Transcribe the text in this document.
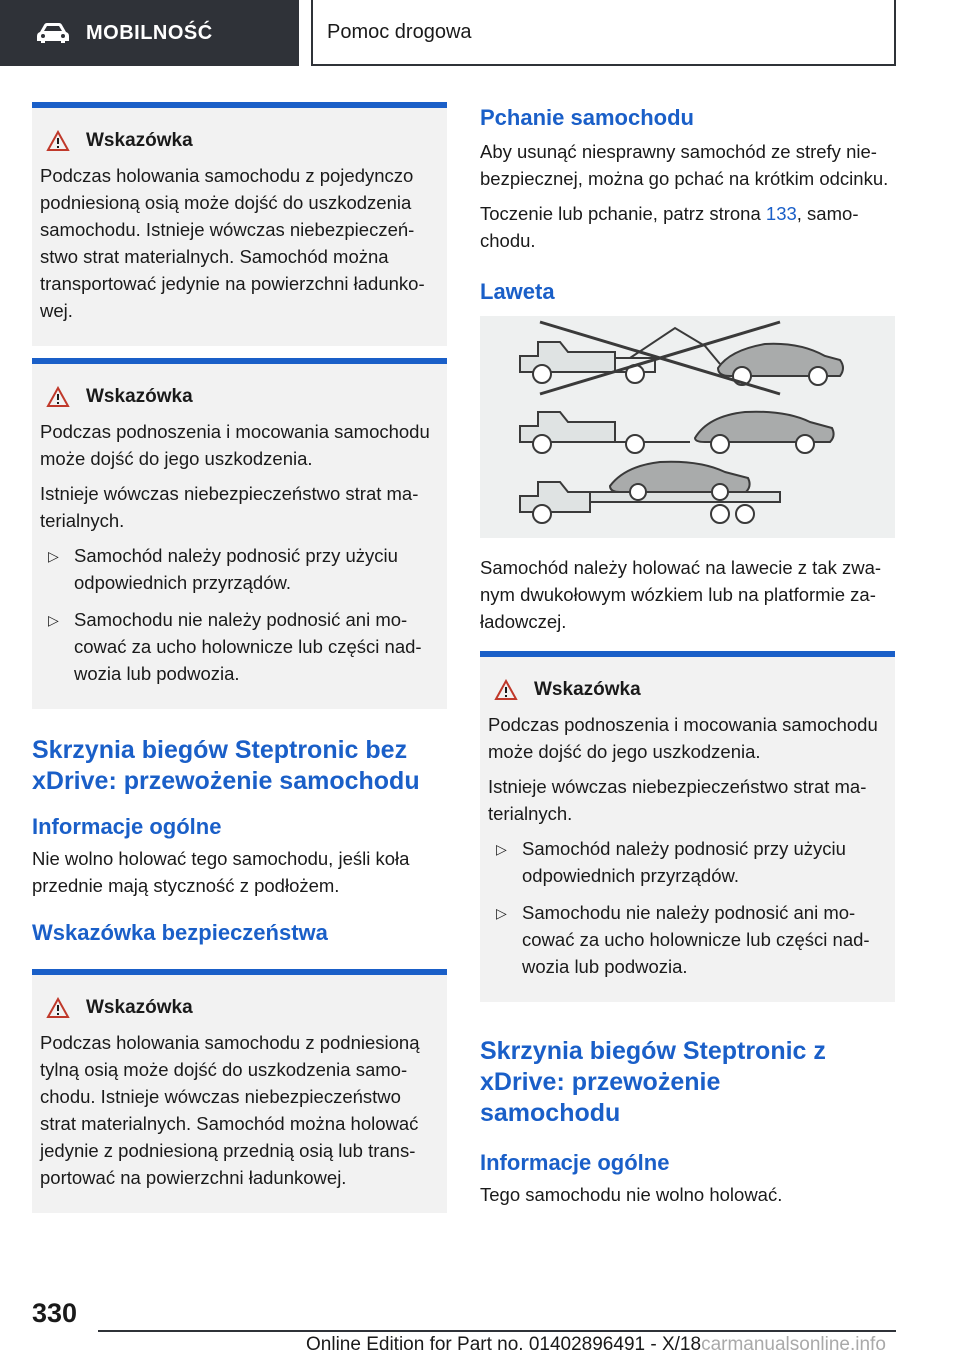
MOBILNOŚĆ	Pomoc drogowa
Wskazówka

Podczas holowania samochodu z pojedynczo podniesioną osią może dojść do uszkodzenia samochodu. Istnieje wówczas niebezpieczeństwo strat materialnych. Samochód można transportować jedynie na powierzchni ładunkowej.

Wskazówka

Podczas podnoszenia i mocowania samochodu może dojść do jego uszkodzenia.

Istnieje wówczas niebezpieczeństwo strat materialnych.

▷ Samochód należy podnosić przy użyciu odpowiednich przyrządów.
▷ Samochodu nie należy podnosić ani mocować za ucho holownicze lub części nadwozia lub podwozia.
Skrzynia biegów Steptronic bez xDrive: przewożenie samochodu
Informacje ogólne
Nie wolno holować tego samochodu, jeśli koła przednie mają styczność z podłożem.
Wskazówka bezpieczeństwa
Wskazówka

Podczas holowania samochodu z podniesioną tylną osią może dojść do uszkodzenia samochodu. Istnieje wówczas niebezpieczeństwo strat materialnych. Samochód można holować jedynie z podniesioną przednią osią lub transportować na powierzchni ładunkowej.

Pchanie samochodu
Aby usunąć niesprawny samochód ze strefy niebezpiecznej, można go pchać na krótkim odcinku.
Toczenie lub pchanie, patrz strona 133, samochodu.
Laweta
Samochód należy holować na lawecie z tak zwanym dwukołowym wózkiem lub na platformie załadowczej.
Wskazówka

Podczas podnoszenia i mocowania samochodu może dojść do jego uszkodzenia.

Istnieje wówczas niebezpieczeństwo strat materialnych.

▷ Samochód należy podnosić przy użyciu odpowiednich przyrządów.
▷ Samochodu nie należy podnosić ani mocować za ucho holownicze lub części nadwozia lub podwozia.
Skrzynia biegów Steptronic z xDrive: przewożenie samochodu
Informacje ogólne
Tego samochodu nie wolno holować.
330
Online Edition for Part no. 01402896491 - X/18carmanualsonline.info
